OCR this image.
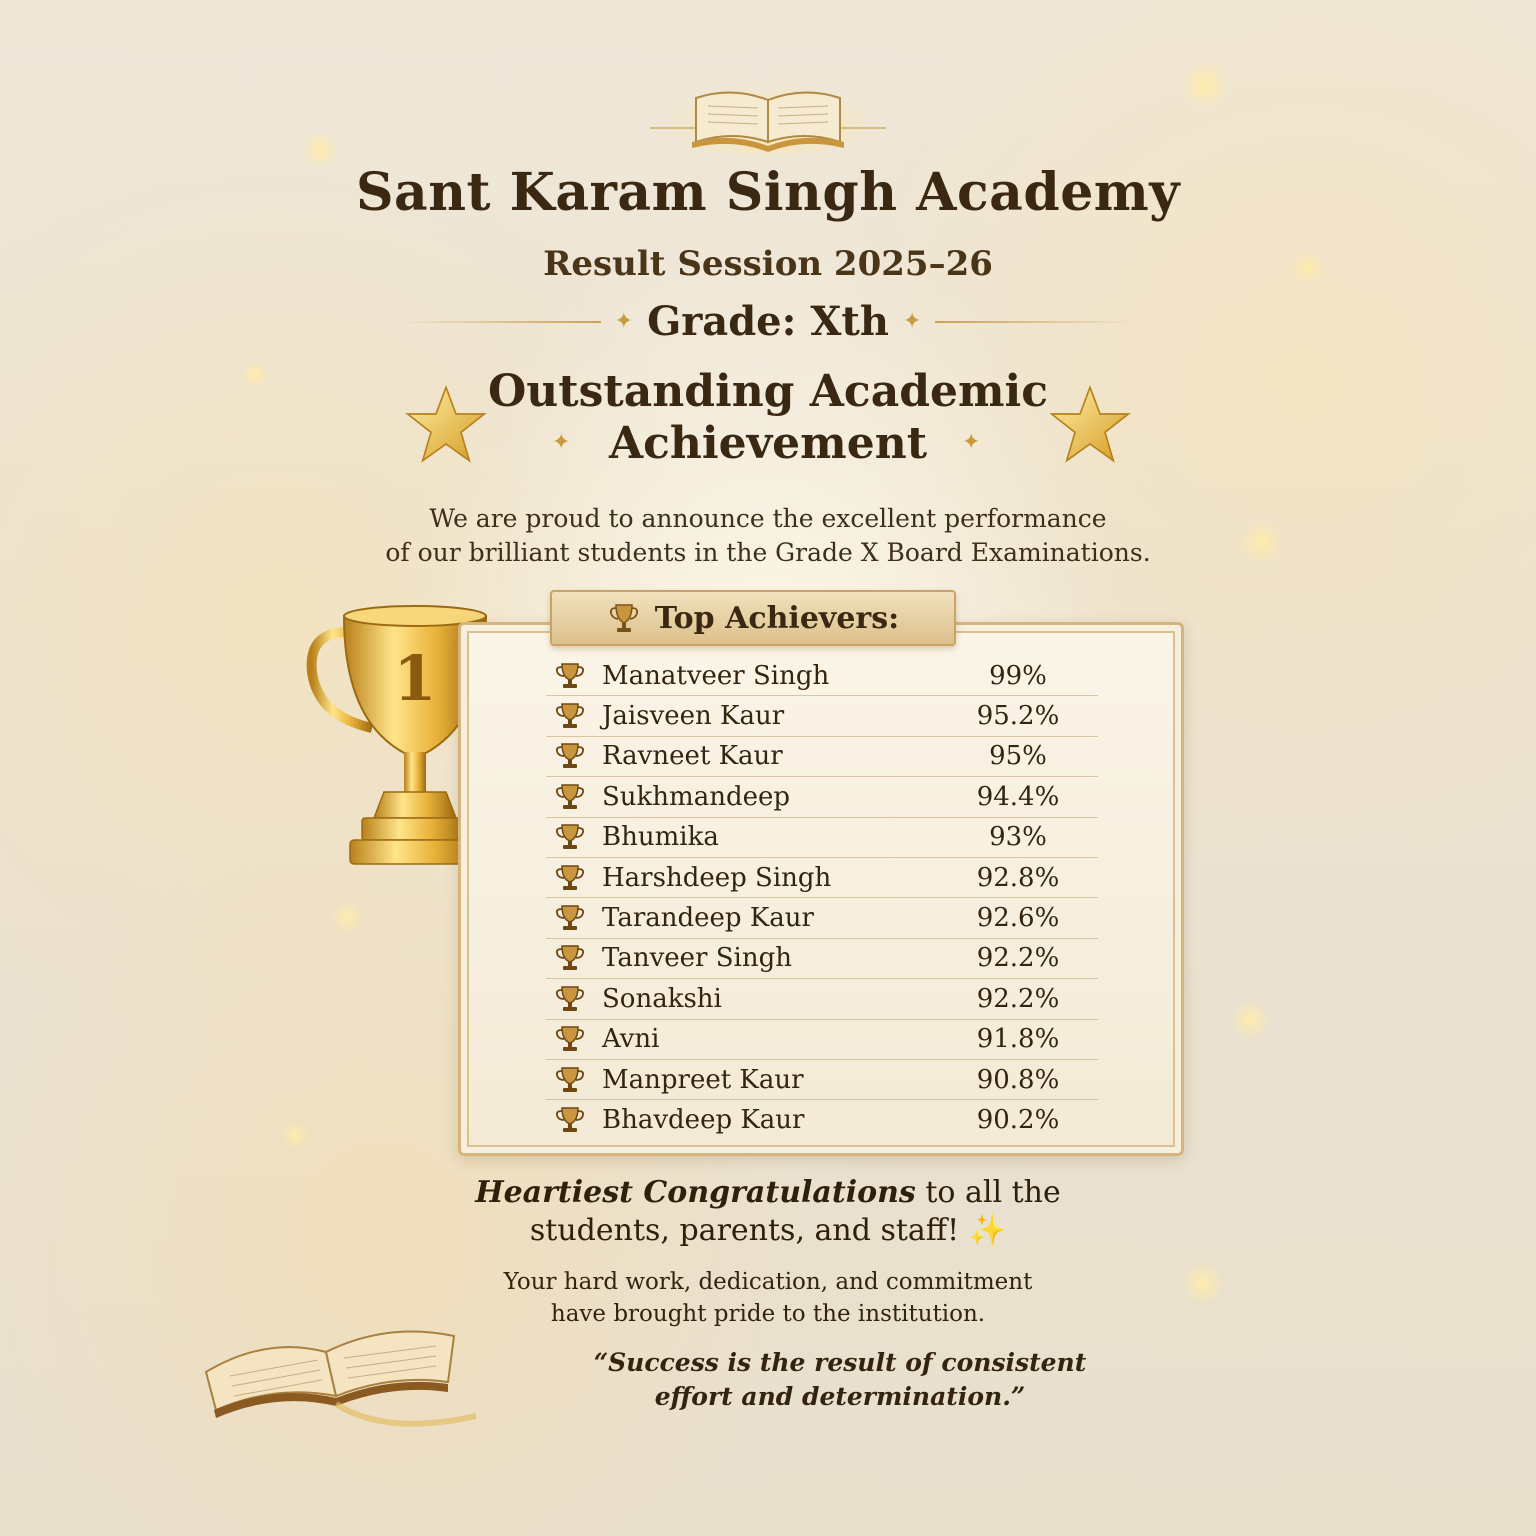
Sant Karam Singh Academy
Result Session 2025–26
✦ Grade: Xth ✦
✦	✦
Outstanding Academic
Achievement
We are proud to announce the excellent performance
of our brilliant students in the Grade X Board Examinations.
1
Top Achievers:
Manatveer Singh	99%
Jaisveen Kaur	95.2%
Ravneet Kaur	95%
Sukhmandeep	94.4%
Bhumika	93%
Harshdeep Singh	92.8%
Tarandeep Kaur	92.6%
Tanveer Singh	92.2%
Sonakshi	92.2%
Avni	91.8%
Manpreet Kaur	90.8%
Bhavdeep Kaur	90.2%
Heartiest Congratulations to all the
students, parents, and staff! ✨
Your hard work, dedication, and commitment
have brought pride to the institution.
“Success is the result of consistent
effort and determination.”
